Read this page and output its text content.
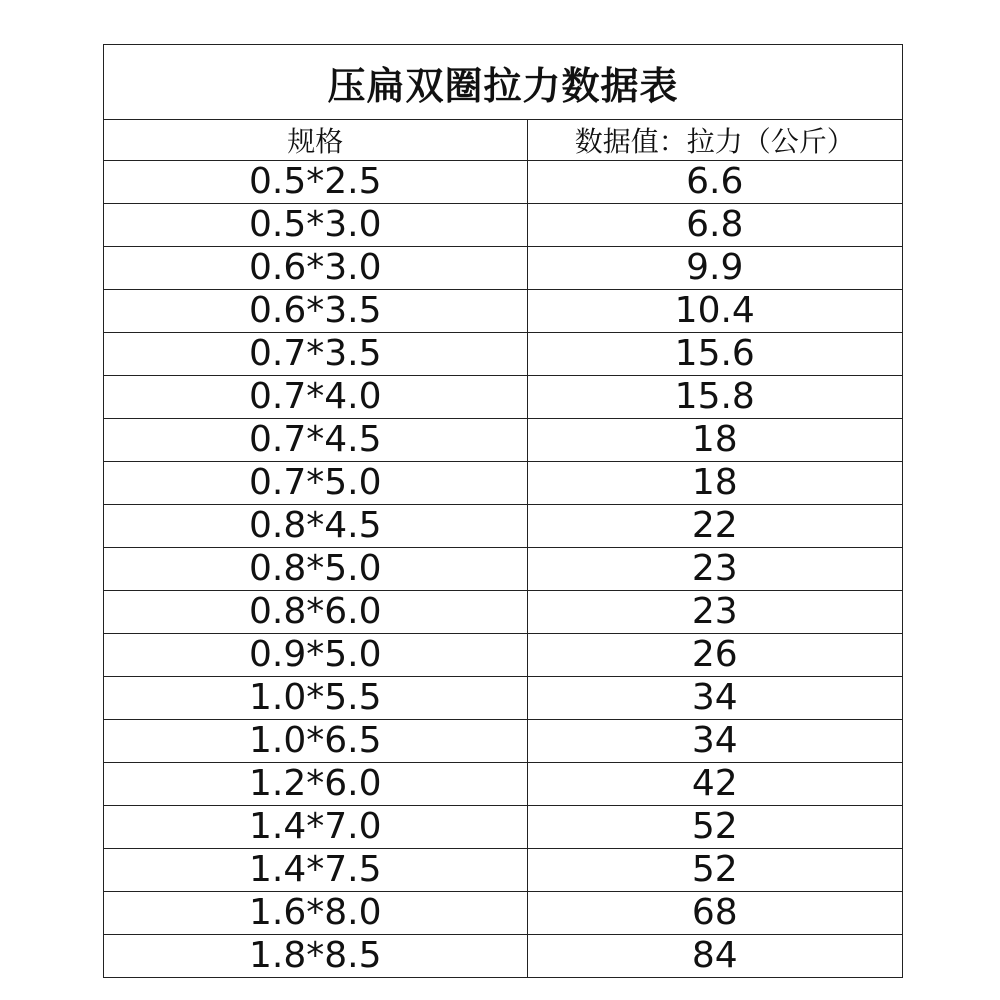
压扁双圈拉力数据表
规格	数据值：拉力（公斤）
0.5*2.5	6.6
0.5*3.0	6.8
0.6*3.0	9.9
0.6*3.5	10.4
0.7*3.5	15.6
0.7*4.0	15.8
0.7*4.5	18
0.7*5.0	18
0.8*4.5	22
0.8*5.0	23
0.8*6.0	23
0.9*5.0	26
1.0*5.5	34
1.0*6.5	34
1.2*6.0	42
1.4*7.0	52
1.4*7.5	52
1.6*8.0	68
1.8*8.5	84
